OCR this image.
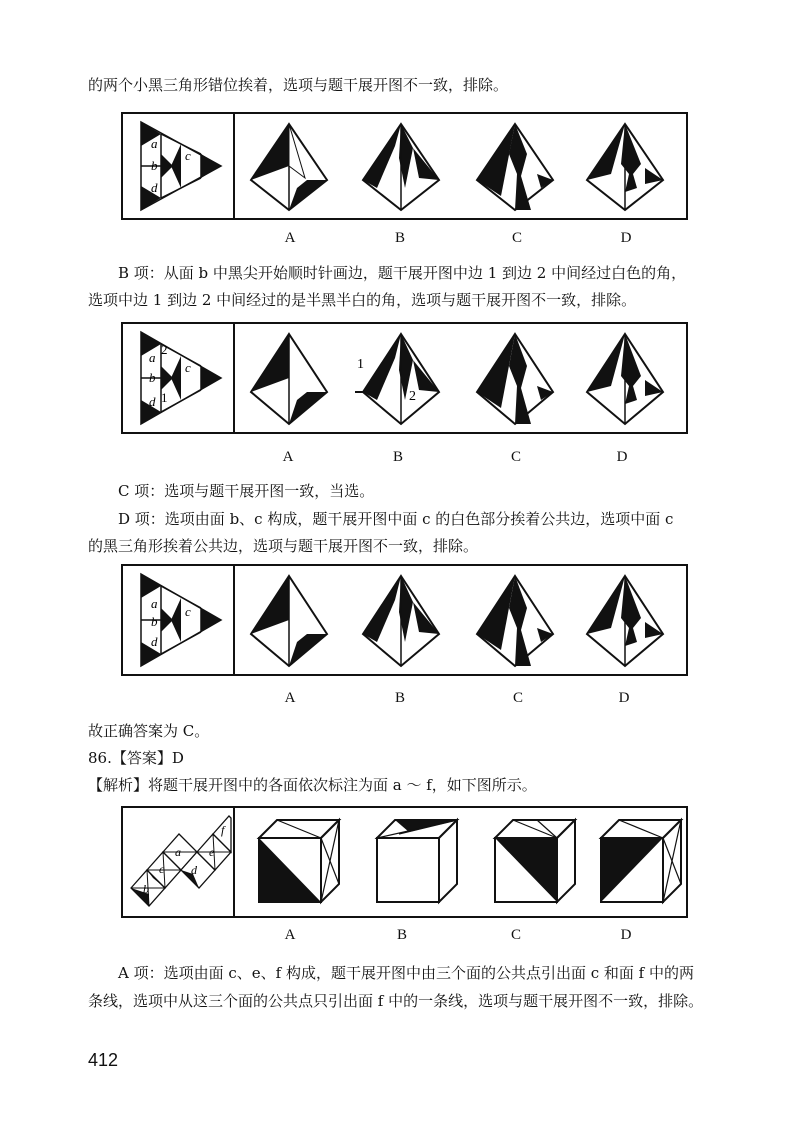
的两个小黑三角形错位挨着，选项与题干展开图不一致，排除。
a
b
c
d
A	B	C	D
B 项：从面 b 中黑尖开始顺时针画边，题干展开图中边 1 到边 2 中间经过白色的角，
选项中边 1 到边 2 中间经过的是半黑半白的角，选项与题干展开图不一致，排除。
a
2
b
c
d 1
1
2
A	B	C	D
C 项：选项与题干展开图一致，当选。
D 项：选项由面 b、c 构成，题干展开图中面 c 的白色部分挨着公共边，选项中面 c
的黑三角形挨着公共边，选项与题干展开图不一致，排除。
a
b
c
d
A	B	C	D
故正确答案为 C。
86.【答案】D
【解析】将题干展开图中的各面依次标注为面 a ～ f，如下图所示。
b
c
a
d
e
f
A	B	C	D
A 项：选项由面 c、e、f 构成，题干展开图中由三个面的公共点引出面 c 和面 f 中的两
条线，选项中从这三个面的公共点只引出面 f 中的一条线，选项与题干展开图不一致，排除。
412
